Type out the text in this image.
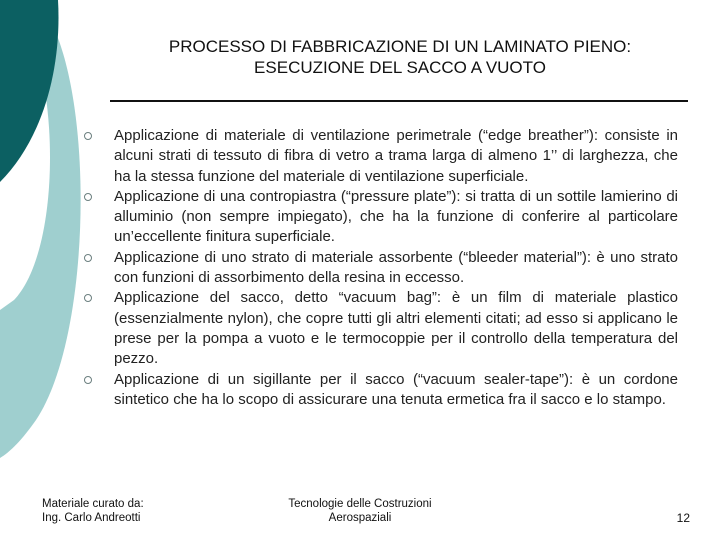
PROCESSO DI FABBRICAZIONE DI UN LAMINATO PIENO:
ESECUZIONE DEL SACCO A VUOTO
Applicazione di materiale di ventilazione perimetrale (“edge breather”): consiste in alcuni strati di tessuto di fibra di vetro a trama larga di almeno 1’’ di larghezza, che ha la stessa funzione del materiale di ventilazione superficiale.
Applicazione di una contropiastra (“pressure plate”): si tratta di un sottile lamierino di alluminio (non sempre impiegato), che ha la funzione di conferire al particolare un’eccellente finitura superficiale.
Applicazione di uno strato di materiale assorbente (“bleeder material”): è uno strato con funzioni di assorbimento della resina in eccesso.
Applicazione del sacco, detto “vacuum bag”: è un film di materiale plastico (essenzialmente nylon), che copre tutti gli altri elementi citati; ad esso si applicano le prese per la pompa a vuoto e le termocoppie per il controllo della temperatura del pezzo.
Applicazione di un sigillante per il sacco (“vacuum sealer-tape”): è un cordone sintetico che ha lo scopo di assicurare una tenuta ermetica fra il sacco e lo stampo.
Materiale curato da:
Ing. Carlo Andreotti
Tecnologie delle Costruzioni
Aerospaziali	12
